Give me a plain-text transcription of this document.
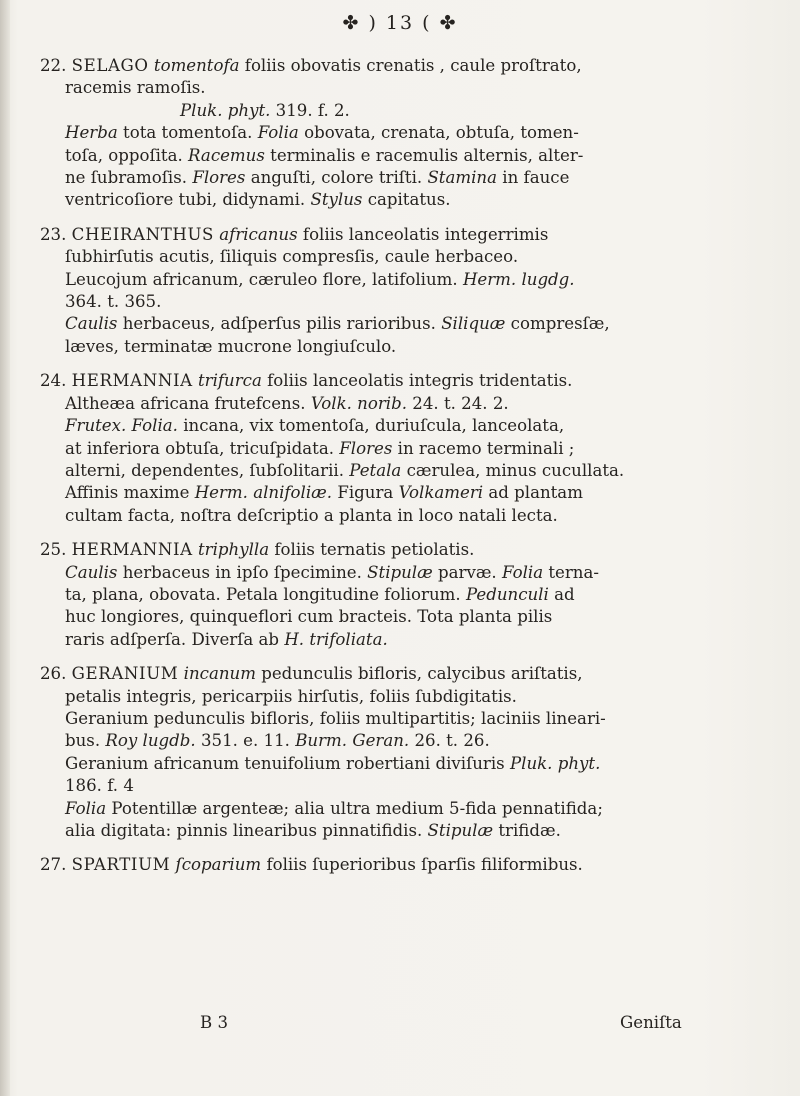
✤ ) 13 ( ✤
22. SELAGO tomentofa foliis obovatis crenatis , caule proſtrato,
racemis ramoſis.
Pluk. phyt. 319. f. 2.
Herba tota tomentoſa. Folia obovata, crenata, obtuſa, tomen-
toſa, oppoſita. Racemus terminalis e racemulis alternis, alter-
ne ſubramoſis. Flores anguſti, colore triſti. Stamina in fauce
ventricoſiore tubi, didynami. Stylus capitatus.
23. CHEIRANTHUS africanus foliis lanceolatis integerrimis
ſubhirſutis acutis, ſiliquis compresſis, caule herbaceo.
Leucojum africanum, cæruleo flore, latifolium. Herm. lugdg.
364. t. 365.
Caulis herbaceus, adſperſus pilis rarioribus. Siliquæ compresſæ,
læves, terminatæ mucrone longiuſculo.
24. HERMANNIA trifurca foliis lanceolatis integris tridentatis.
Altheæa africana frutefcens. Volk. norib. 24. t. 24. 2.
Frutex. Folia. incana, vix tomentoſa, duriuſcula, lanceolata,
at inferiora obtuſa, tricuſpidata. Flores in racemo terminali ;
alterni, dependentes, ſubſolitarii. Petala cærulea, minus cucullata.
Affinis maxime Herm. alnifoliæ. Figura Volkameri ad plantam
cultam facta, noſtra deſcriptio a planta in loco natali lecta.
25. HERMANNIA triphylla foliis ternatis petiolatis.
Caulis herbaceus in ipſo ſpecimine. Stipulæ parvæ. Folia terna-
ta, plana, obovata. Petala longitudine foliorum. Pedunculi ad
huc longiores, quinqueflori cum bracteis. Tota planta pilis
raris adſperſa. Diverſa ab H. trifoliata.
26. GERANIUM incanum pedunculis bifloris, calycibus ariſtatis,
petalis integris, pericarpiis hirſutis, foliis ſubdigitatis.
Geranium pedunculis bifloris, foliis multipartitis; laciniis lineari-
bus. Roy lugdb. 351. e. 11. Burm. Geran. 26. t. 26.
Geranium africanum tenuifolium robertiani diviſuris Pluk. phyt.
186. f. 4
Folia Potentillæ argenteæ; alia ultra medium 5-fida pennatifida;
alia digitata: pinnis linearibus pinnatifidis. Stipulæ trifidæ.
27. SPARTIUM ſcoparium foliis ſuperioribus ſparſis filiformibus.
B 3	Geniſta
